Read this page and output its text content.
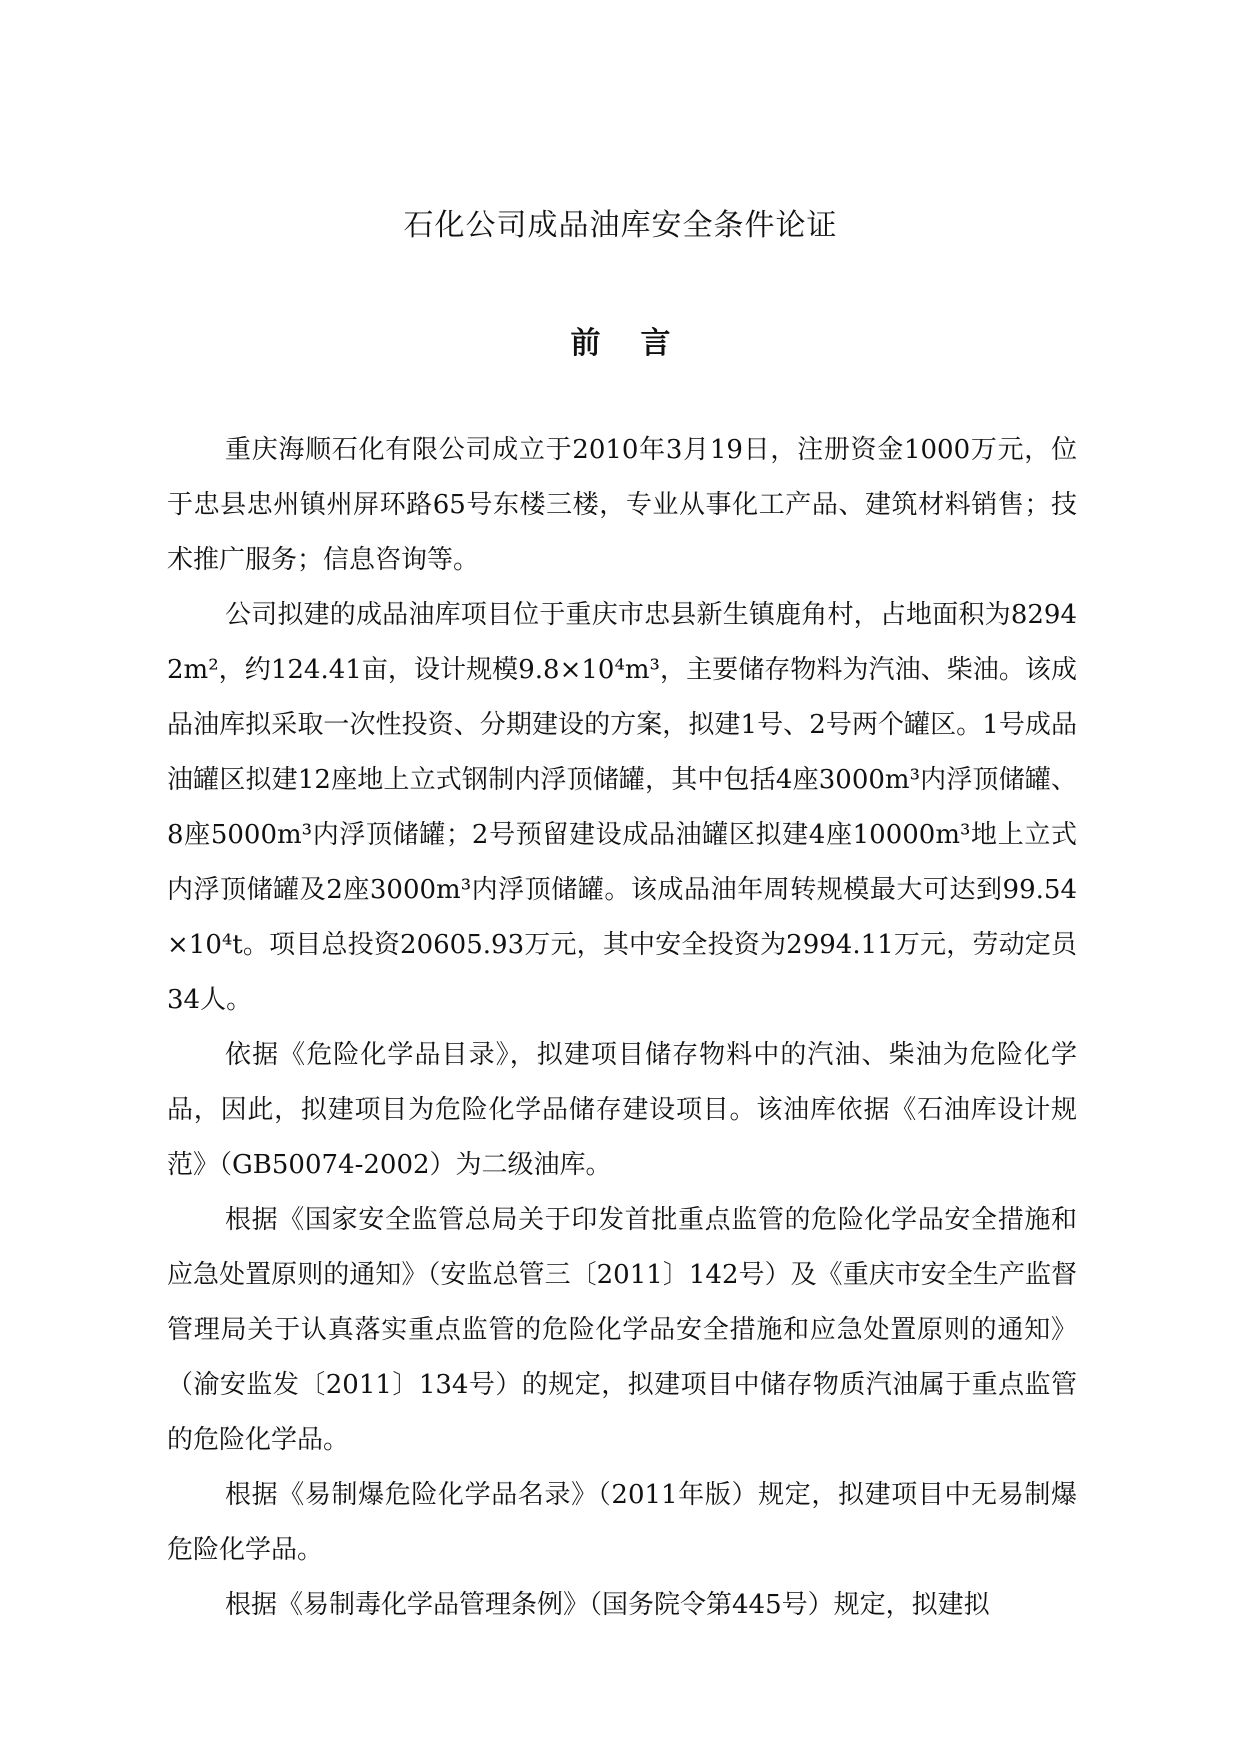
石化公司成品油库安全条件论证
前言

重庆海顺石化有限公司成立于2010年3月19日，注册资金1000万元，位于忠县忠州镇州屏环路65号东楼三楼，专业从事化工产品、建筑材料销售；技术推广服务；信息咨询等。

公司拟建的成品油库项目位于重庆市忠县新生镇鹿角村，占地面积为82942m²，约124.41亩，设计规模9.8×10⁴m³，主要储存物料为汽油、柴油。该成品油库拟采取一次性投资、分期建设的方案，拟建1号、2号两个罐区。1号成品油罐区拟建12座地上立式钢制内浮顶储罐，其中包括4座3000m³内浮顶储罐、8座5000m³内浮顶储罐；2号预留建设成品油罐区拟建4座10000m³地上立式内浮顶储罐及2座3000m³内浮顶储罐。该成品油年周转规模最大可达到99.54×10⁴t。项目总投资20605.93万元，其中安全投资为2994.11万元，劳动定员34人。

依据《危险化学品目录》，拟建项目储存物料中的汽油、柴油为危险化学品，因此，拟建项目为危险化学品储存建设项目。该油库依据《石油库设计规范》（GB50074-2002）为二级油库。

根据《国家安全监管总局关于印发首批重点监管的危险化学品安全措施和应急处置原则的通知》（安监总管三〔2011〕142号）及《重庆市安全生产监督管理局关于认真落实重点监管的危险化学品安全措施和应急处置原则的通知》（渝安监发〔2011〕134号）的规定，拟建项目中储存物质汽油属于重点监管的危险化学品。

根据《易制爆危险化学品名录》（2011年版）规定，拟建项目中无易制爆危险化学品。

根据《易制毒化学品管理条例》（国务院令第445号）规定，拟建拟
